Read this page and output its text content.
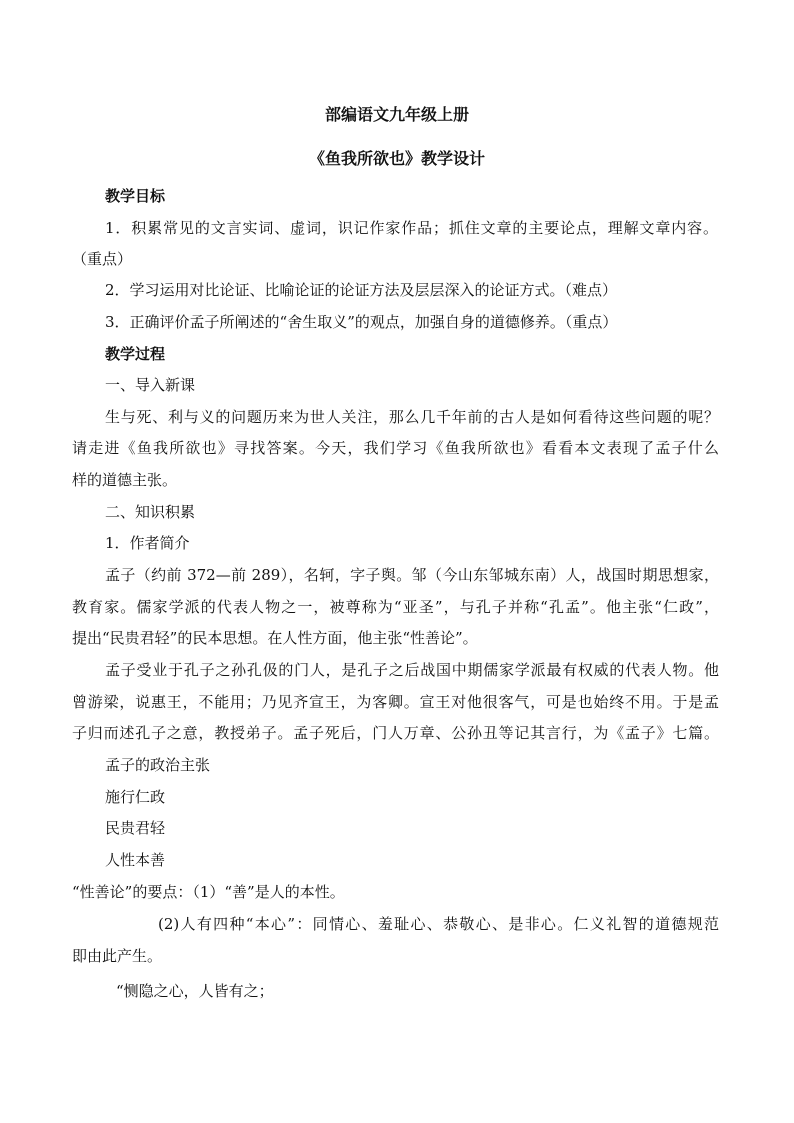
部编语文九年级上册
《鱼我所欲也》教学设计
教学目标
1．积累常见的文言实词、虚词，识记作家作品；抓住文章的主要论点，理解文章内容。
（重点）
2．学习运用对比论证、比喻论证的论证方法及层层深入的论证方式。（难点）
3．正确评价孟子所阐述的“舍生取义”的观点，加强自身的道德修养。（重点）
教学过程
一、导入新课
生与死、利与义的问题历来为世人关注，那么几千年前的古人是如何看待这些问题的呢？
请走进《鱼我所欲也》寻找答案。今天，我们学习《鱼我所欲也》看看本文表现了孟子什么
样的道德主张。
二、知识积累
1．作者简介
孟子（约前 372—前 289），名轲，字子舆。邹（今山东邹城东南）人，战国时期思想家，
教育家。儒家学派的代表人物之一，被尊称为“亚圣”，与孔子并称“孔孟”。他主张“仁政”，
提出“民贵君轻”的民本思想。在人性方面，他主张“性善论”。
孟子受业于孔子之孙孔伋的门人，是孔子之后战国中期儒家学派最有权威的代表人物。他
曾游梁，说惠王，不能用；乃见齐宣王，为客卿。宣王对他很客气，可是也始终不用。于是孟
子归而述孔子之意，教授弟子。孟子死后，门人万章、公孙丑等记其言行，为《孟子》七篇。
孟子的政治主张
施行仁政
民贵君轻
人性本善
“性善论”的要点：（1）“善”是人的本性。
(2)人有四种“本心”：同情心、羞耻心、恭敬心、是非心。仁义礼智的道德规范
即由此产生。
“恻隐之心，人皆有之；
